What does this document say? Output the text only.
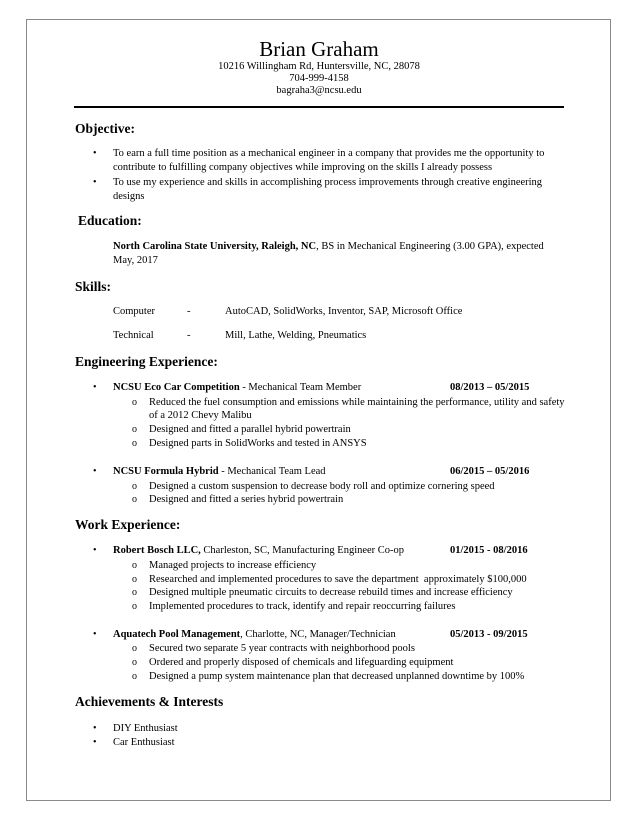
Brian Graham
10216 Willingham Rd, Huntersville, NC, 28078
704-999-4158
bagraha3@ncsu.edu
Objective:
• To earn a full time position as a mechanical engineer in a company that provides me the opportunity to
contribute to fulfilling company objectives while improving on the skills I already possess
• To use my experience and skills in accomplishing process improvements through creative engineering
designs
Education:
North Carolina State University, Raleigh, NC, BS in Mechanical Engineering (3.00 GPA), expected
May, 2017
Skills:
Computer	-	AutoCAD, SolidWorks, Inventor, SAP, Microsoft Office
Technical	-	Mill, Lathe, Welding, Pneumatics
Engineering Experience:
• NCSU Eco Car Competition - Mechanical Team Member	08/2013 – 05/2015
o Reduced the fuel consumption and emissions while maintaining the performance, utility and safety
of a 2012 Chevy Malibu
o Designed and fitted a parallel hybrid powertrain
o Designed parts in SolidWorks and tested in ANSYS
• NCSU Formula Hybrid - Mechanical Team Lead	06/2015 – 05/2016
o Designed a custom suspension to decrease body roll and optimize cornering speed
o Designed and fitted a series hybrid powertrain
Work Experience:
• Robert Bosch LLC, Charleston, SC, Manufacturing Engineer Co-op	01/2015 - 08/2016
o Managed projects to increase efficiency
o Researched and implemented procedures to save the department  approximately $100,000
o Designed multiple pneumatic circuits to decrease rebuild times and increase efficiency
o Implemented procedures to track, identify and repair reoccurring failures
• Aquatech Pool Management, Charlotte, NC, Manager/Technician	05/2013 - 09/2015
o Secured two separate 5 year contracts with neighborhood pools
o Ordered and properly disposed of chemicals and lifeguarding equipment
o Designed a pump system maintenance plan that decreased unplanned downtime by 100%
Achievements & Interests
• DIY Enthusiast
• Car Enthusiast
